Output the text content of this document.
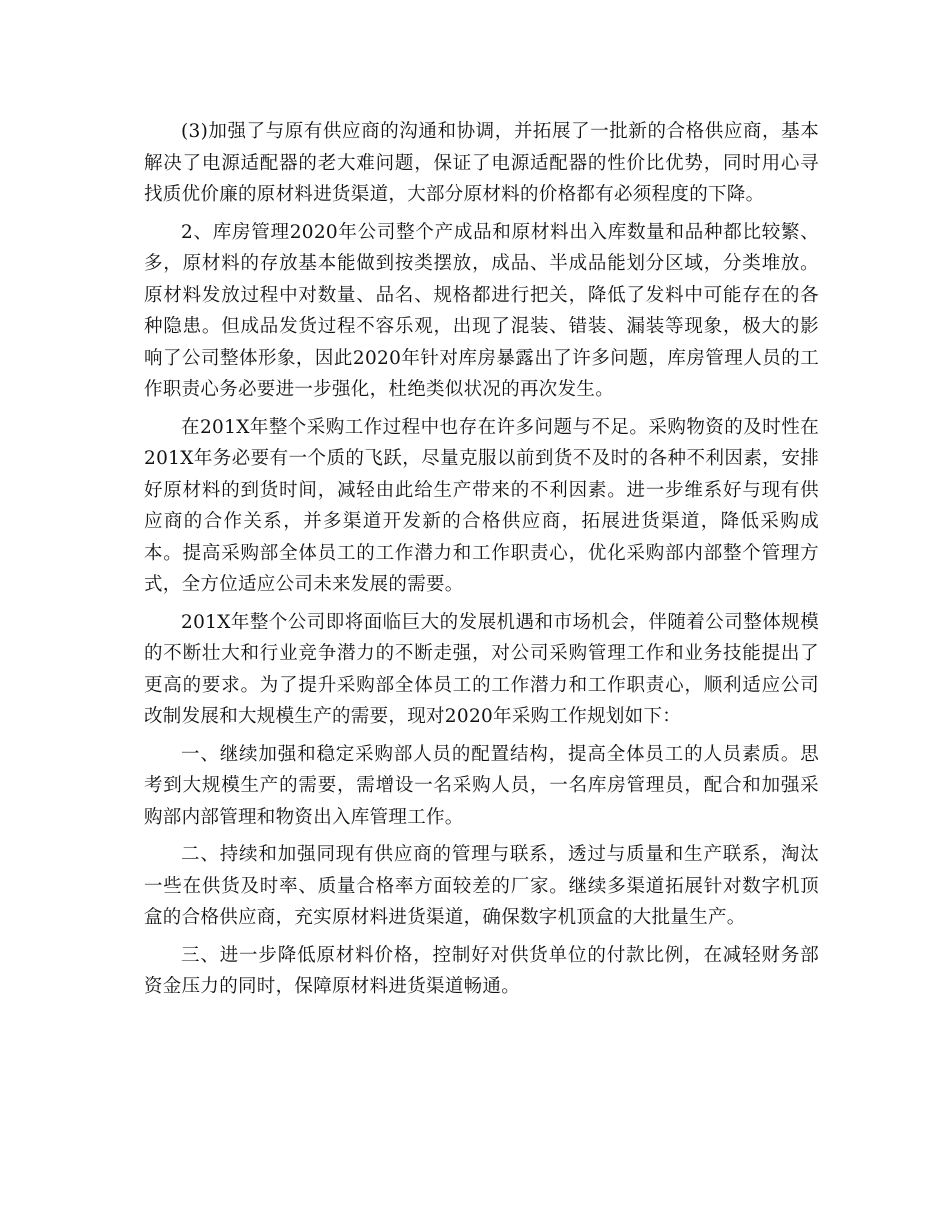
(3)加强了与原有供应商的沟通和协调，并拓展了一批新的合格供应商，基本解决了电源适配器的老大难问题，保证了电源适配器的性价比优势，同时用心寻找质优价廉的原材料进货渠道，大部分原材料的价格都有必须程度的下降。

2、库房管理2020年公司整个产成品和原材料出入库数量和品种都比较繁、多，原材料的存放基本能做到按类摆放，成品、半成品能划分区域，分类堆放。原材料发放过程中对数量、品名、规格都进行把关，降低了发料中可能存在的各种隐患。但成品发货过程不容乐观，出现了混装、错装、漏装等现象，极大的影响了公司整体形象，因此2020年针对库房暴露出了许多问题，库房管理人员的工作职责心务必要进一步强化，杜绝类似状况的再次发生。

在201X年整个采购工作过程中也存在许多问题与不足。采购物资的及时性在201X年务必要有一个质的飞跃，尽量克服以前到货不及时的各种不利因素，安排好原材料的到货时间，减轻由此给生产带来的不利因素。进一步维系好与现有供应商的合作关系，并多渠道开发新的合格供应商，拓展进货渠道，降低采购成本。提高采购部全体员工的工作潜力和工作职责心，优化采购部内部整个管理方式，全方位适应公司未来发展的需要。

201X年整个公司即将面临巨大的发展机遇和市场机会，伴随着公司整体规模的不断壮大和行业竞争潜力的不断走强，对公司采购管理工作和业务技能提出了更高的要求。为了提升采购部全体员工的工作潜力和工作职责心，顺利适应公司改制发展和大规模生产的需要，现对2020年采购工作规划如下：

一、继续加强和稳定采购部人员的配置结构，提高全体员工的人员素质。思考到大规模生产的需要，需增设一名采购人员，一名库房管理员，配合和加强采购部内部管理和物资出入库管理工作。

二、持续和加强同现有供应商的管理与联系，透过与质量和生产联系，淘汰一些在供货及时率、质量合格率方面较差的厂家。继续多渠道拓展针对数字机顶盒的合格供应商，充实原材料进货渠道，确保数字机顶盒的大批量生产。

三、进一步降低原材料价格，控制好对供货单位的付款比例，在减轻财务部资金压力的同时，保障原材料进货渠道畅通。
